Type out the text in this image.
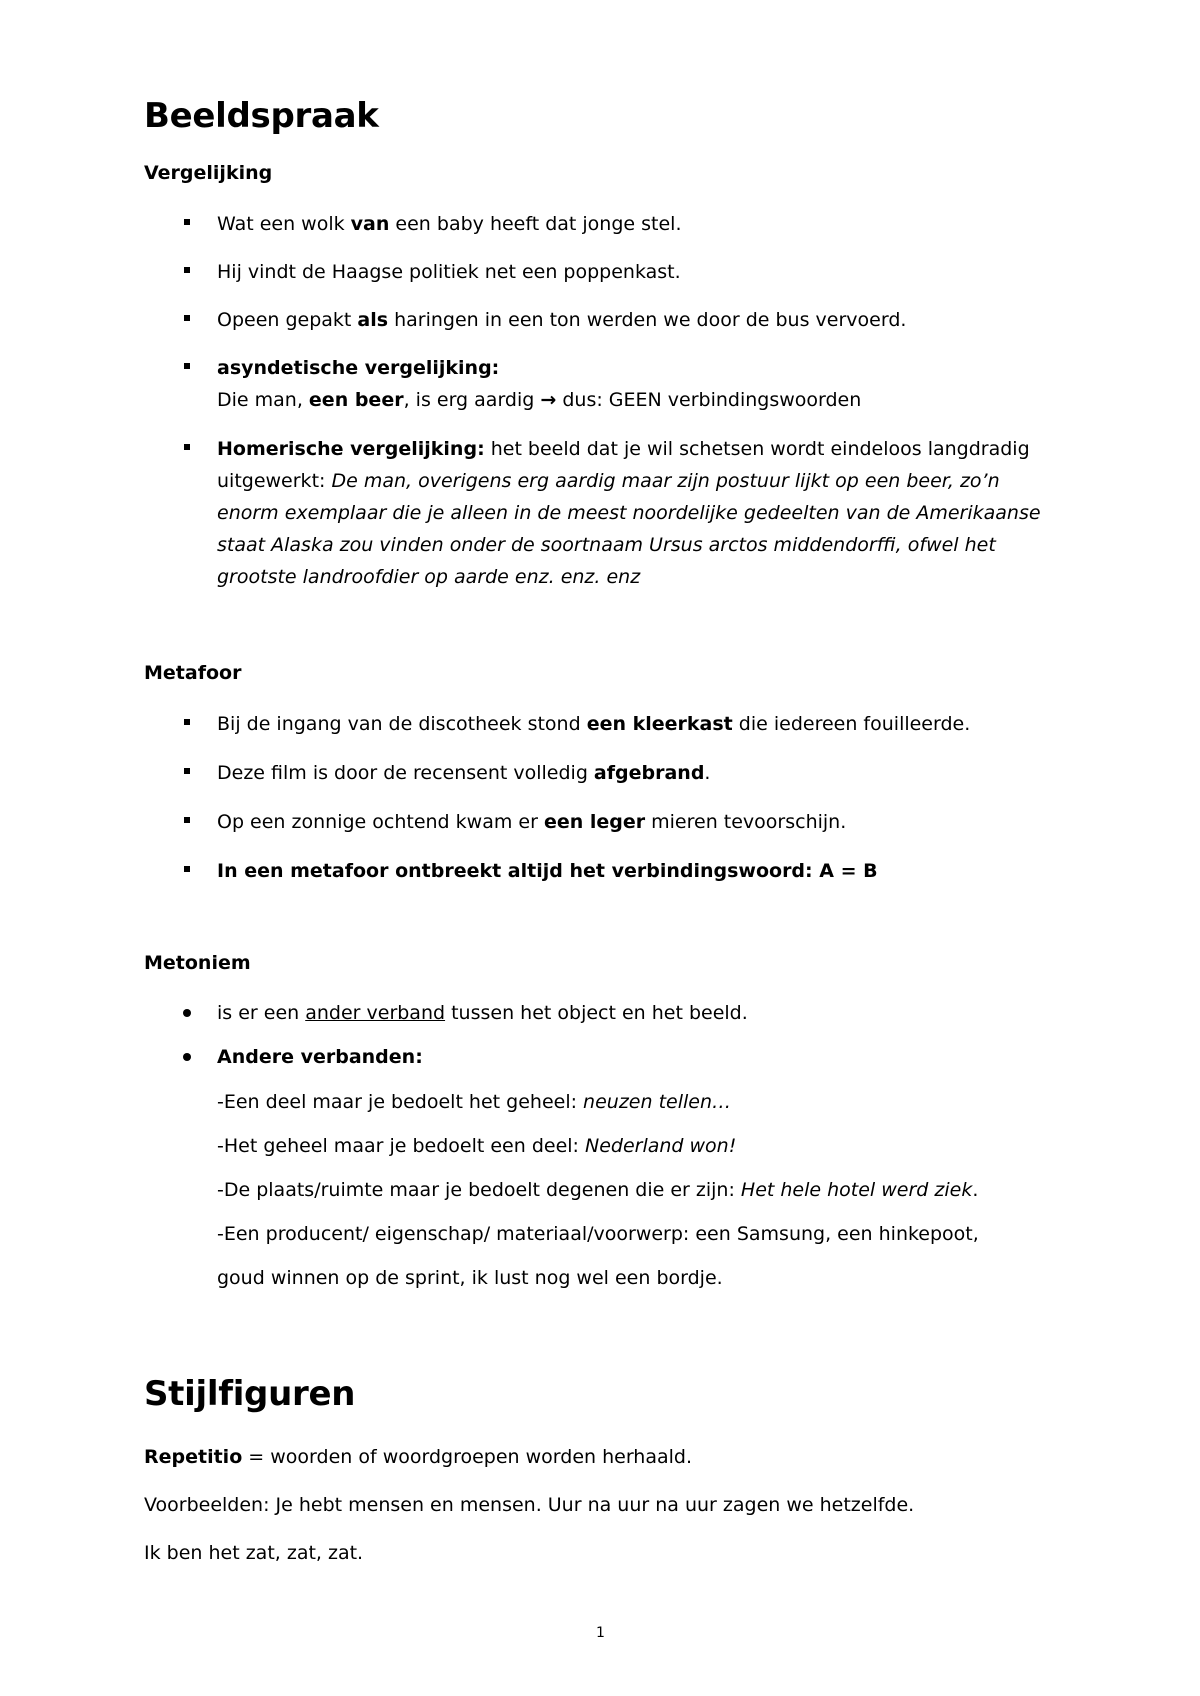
Beeldspraak
Vergelijking
Wat een wolk van een baby heeft dat jonge stel.
Hij vindt de Haagse politiek net een poppenkast.
Opeen gepakt als haringen in een ton werden we door de bus vervoerd.
asyndetische vergelijking:
Die man, een beer, is erg aardig → dus: GEEN verbindingswoorden
Homerische vergelijking: het beeld dat je wil schetsen wordt eindeloos langdradig
uitgewerkt: De man, overigens erg aardig maar zijn postuur lijkt op een beer, zo’n
enorm exemplaar die je alleen in de meest noordelijke gedeelten van de Amerikaanse
staat Alaska zou vinden onder de soortnaam Ursus arctos middendorffi, ofwel het
grootste landroofdier op aarde enz. enz. enz
Metafoor
Bij de ingang van de discotheek stond een kleerkast die iedereen fouilleerde.
Deze film is door de recensent volledig afgebrand.
Op een zonnige ochtend kwam er een leger mieren tevoorschijn.
In een metafoor ontbreekt altijd het verbindingswoord: A = B
Metoniem
is er een ander verband tussen het object en het beeld.
Andere verbanden:
-Een deel maar je bedoelt het geheel: neuzen tellen…
-Het geheel maar je bedoelt een deel: Nederland won!
-De plaats/ruimte maar je bedoelt degenen die er zijn: Het hele hotel werd ziek.
-Een producent/ eigenschap/ materiaal/voorwerp: een Samsung, een hinkepoot,
goud winnen op de sprint, ik lust nog wel een bordje.
Stijlfiguren
Repetitio = woorden of woordgroepen worden herhaald.
Voorbeelden: Je hebt mensen en mensen. Uur na uur na uur zagen we hetzelfde.
Ik ben het zat, zat, zat.
1
